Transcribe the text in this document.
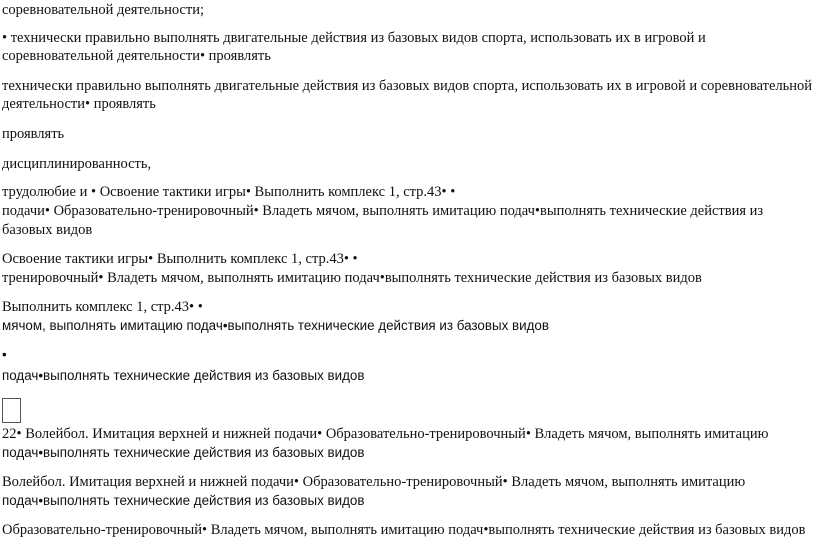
соревновательной деятельности;
• технически правильно выполнять двигательные действия из базовых видов спорта, использовать их в игровой и
соревновательной деятельности• проявлять
технически правильно выполнять двигательные действия из базовых видов спорта, использовать их в игровой и соревновательной
деятельности• проявлять
проявлять
дисциплинированность,
трудолюбие и • Освоение тактики игры• Выполнить комплекс 1, стр.43• •
подачи• Образовательно-тренировочный• Владеть мячом, выполнять имитацию подач•выполнять технические действия из
базовых видов
Освоение тактики игры• Выполнить комплекс 1, стр.43• •
тренировочный• Владеть мячом, выполнять имитацию подач•выполнять технические действия из базовых видов
Выполнить комплекс 1, стр.43• •
мячом, выполнять имитацию подач•выполнять технические действия из базовых видов
•
подач•выполнять технические действия из базовых видов
22• Волейбол. Имитация верхней и нижней подачи• Образовательно-тренировочный• Владеть мячом, выполнять имитацию
подач•выполнять технические действия из базовых видов
Волейбол. Имитация верхней и нижней подачи• Образовательно-тренировочный• Владеть мячом, выполнять имитацию
подач•выполнять технические действия из базовых видов
Образовательно-тренировочный• Владеть мячом, выполнять имитацию подач•выполнять технические действия из базовых видов
